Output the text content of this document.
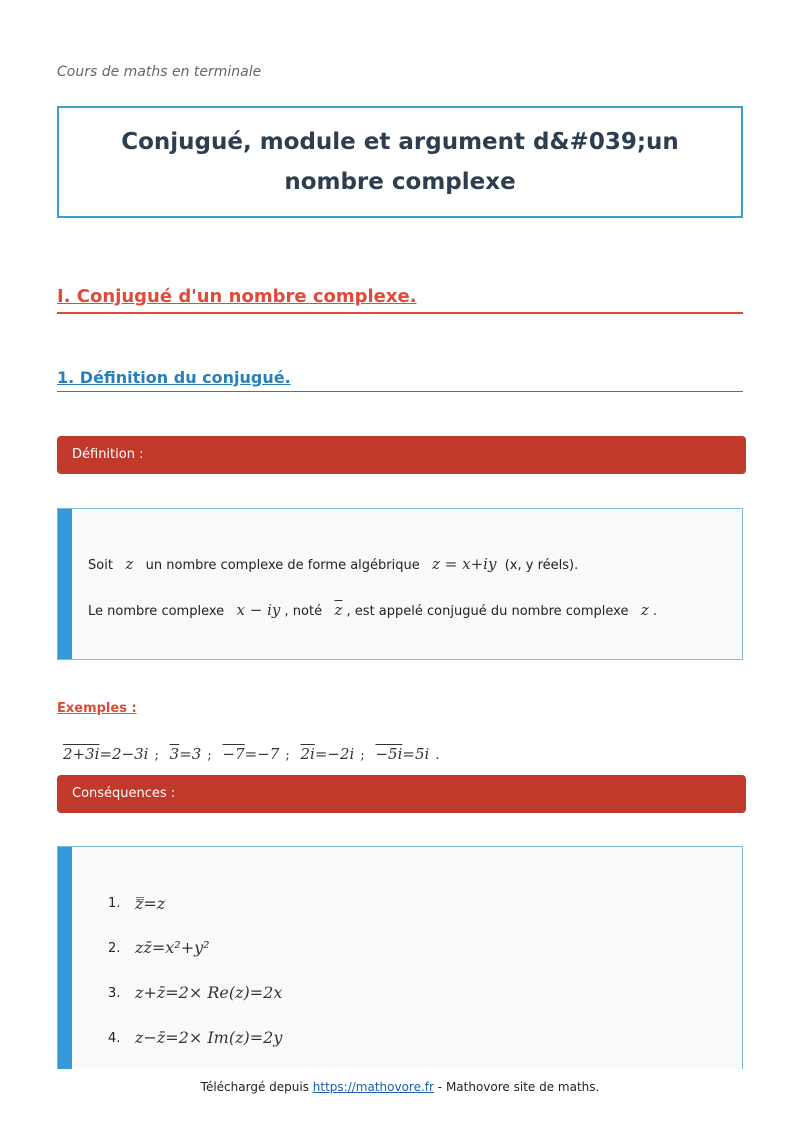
Cours de maths en terminale
Conjugué, module et argument d&#039;un nombre complexe
I. Conjugué d'un nombre complexe.
1. Définition du conjugué.
Définition :
Soit z un nombre complexe de forme algébrique z = x+iy (x, y réels).
Le nombre complexe x − iy , noté $\overline{z}$ , est appelé conjugué du nombre complexe z .
Exemples :
2+3i=2−3i ; 3=3 ; −7=−7 ; 2i=−2i ; −5i=5i .
Conséquences :
1. z̿=z
2. zz̄=x²+y²
3. z+z̄=2× Re(z)=2x
4. z−z̄=2× Im(z)=2y
Téléchargé depuis https://mathovore.fr - Mathovore site de maths.
